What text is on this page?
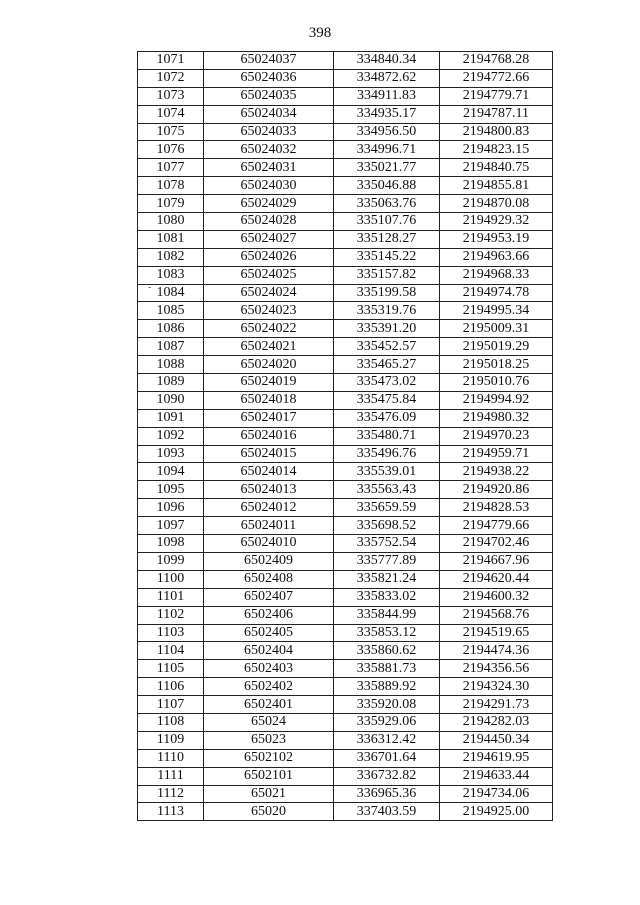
398
-
1071	65024037	334840.34	2194768.28
1072	65024036	334872.62	2194772.66
1073	65024035	334911.83	2194779.71
1074	65024034	334935.17	2194787.11
1075	65024033	334956.50	2194800.83
1076	65024032	334996.71	2194823.15
1077	65024031	335021.77	2194840.75
1078	65024030	335046.88	2194855.81
1079	65024029	335063.76	2194870.08
1080	65024028	335107.76	2194929.32
1081	65024027	335128.27	2194953.19
1082	65024026	335145.22	2194963.66
1083	65024025	335157.82	2194968.33
1084	65024024	335199.58	2194974.78
1085	65024023	335319.76	2194995.34
1086	65024022	335391.20	2195009.31
1087	65024021	335452.57	2195019.29
1088	65024020	335465.27	2195018.25
1089	65024019	335473.02	2195010.76
1090	65024018	335475.84	2194994.92
1091	65024017	335476.09	2194980.32
1092	65024016	335480.71	2194970.23
1093	65024015	335496.76	2194959.71
1094	65024014	335539.01	2194938.22
1095	65024013	335563.43	2194920.86
1096	65024012	335659.59	2194828.53
1097	65024011	335698.52	2194779.66
1098	65024010	335752.54	2194702.46
1099	6502409	335777.89	2194667.96
1100	6502408	335821.24	2194620.44
1101	6502407	335833.02	2194600.32
1102	6502406	335844.99	2194568.76
1103	6502405	335853.12	2194519.65
1104	6502404	335860.62	2194474.36
1105	6502403	335881.73	2194356.56
1106	6502402	335889.92	2194324.30
1107	6502401	335920.08	2194291.73
1108	65024	335929.06	2194282.03
1109	65023	336312.42	2194450.34
1110	6502102	336701.64	2194619.95
1111	6502101	336732.82	2194633.44
1112	65021	336965.36	2194734.06
1113	65020	337403.59	2194925.00
